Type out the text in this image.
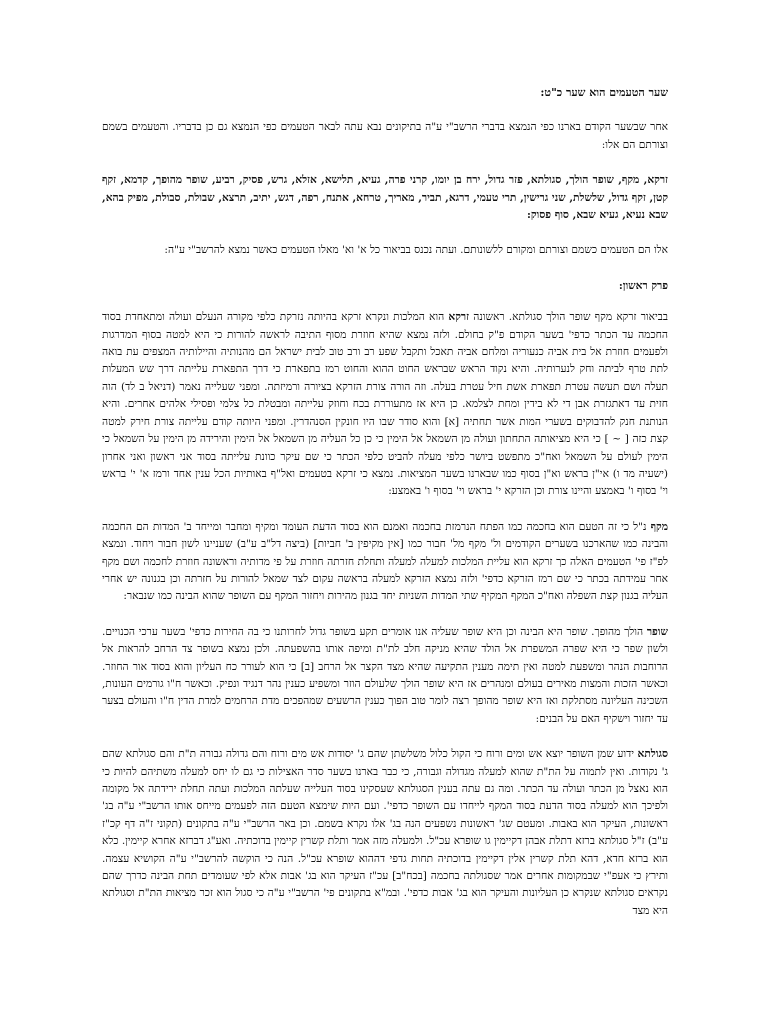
שער הטעמים הוא שער כ"ט:
אחר שבשער הקודם בארנו כפי הנמצא בדברי הרשב"י ע"ה בתיקונים נבא עתה לבאר הטעמים כפי הנמצא גם כן בדבריו. והטעמים בשמם וצורתם הם אלו:
זרקא, מקף, שופר הולך, סגולתא, פזר גדול, ירח בן יומו, קרני פרה, געיא, תלישא, אזלא, גרש, פסיק, רביע, שופר מהופך, קדמא, זקף קטן, זקף גדול, שלשלת, שני גרישין, תרי טעמי, דרגא, תביר, מאריך, טרחא, אתנח, רפה, דגש, יתיב, תרצא, שבולת, סבולת, מפיק בהא, שבא נעיא, געיא שבא, סוף פסוק:
אלו הם הטעמים כשמם וצורתם ומקורם ללשונותם. ועתה נכנס בביאור כל א' וא' מאלו הטעמים כאשר נמצא להרשב"י ע"ה:
פרק ראשון:
בביאור זרקא מקף שופר הולך סגולתא. ראשונה זרקא הוא המלכות ונקרא זרקא בהיותה נזרקת כלפי מקורה הנעלם ועולה ומתאחדת בסוד החכמה עד הכתר כדפי' בשער הקודם פ"ק בחולם. ולזה נמצא שהיא חוזרת מסוף התיבה לראשה להורות כי היא למטה בסוף המדרגות ולפעמים חוזרת אל בית אביה כנעוריה ומלחם אביה תאכל ותקבל שפע רב ורב טוב לבית ישראל הם מהנותיה והיילותיה המצפים עת בואה לתת טרף לביתה וחק לנערותיה. והיא נקוד הראש שבראש החוט ההוא והחוט רמז בתפארת כי דרך התפארת עלייתה דרך שש המעלות תעלה ושם תעשה עטרת תפארת אשת חיל עטרת בעלה. וזה הורה צורת הזרקא בציורה ורמיזתה. ומפני שעלייה נאמר (דניאל ב לד) הוה חזית עד דאתגזרת אבן די לא בידין ומחת לצלמא. כן היא אז מתעוררת בכח וחוזק עלייתה ומבטלת כל צלמי ופסילי אלהים אחרים. והיא הנותנת חנק להדבוקים בשערי המות אשר תחתיה [א] והוא סודר שבו היו חונקין הסנהדרין. ומפני היותה קודם עלייתה צורת חירק למטה קצת כזה [ ~ ] כי היא מציאותה התחתון ועולה מן השמאל אל הימין כי כן כל העליה מן השמאל אל הימין והירידה מן הימין על השמאל כי הימין לעולם על השמאל ואח"כ מתפשט ביושר כלפי מעלה להביט כלפי הכתר כי שם עיקר כוונת עלייתה בסוד אני ראשון ואני אחרון (ישעיה מד ו) אי"ן בראש וא"ן בסוף כמו שבארנו בשער המציאות. נמצא כי זרקא בטעמים ואל"ף באותיות הכל ענין אחד ורמז א' י' בראש וי' בסוף ו' באמצע והיינו צורת וכן הזרקא י' בראש וי' בסוף ו' באמצע:
מקף נ"ל כי זה הטעם הוא בחכמה כמו הפתח הנרמזת בחכמה ואמנם הוא בסוד הדעת העומד ומקיף ומחבר ומייחד ב' המדות הם החכמה והבינה כמו שהארכנו בשערים הקודמים ול' מקף מל' חבור כמו [אין מקיפין ב' חביות] (ביצה דל"ב ע"ב) שעניינו לשון חבור ויחוד. ונמצא לפ"ז פי' הטעמים האלה כך זרקא הוא עליית המלכות למעלה למעלה ותחלת חזרתה חוזרת על פי מדותיה וראשונה חוזרת לחכמה ושם מקף אחר עמידתה בכתר כי שם רמז הזרקא כדפי' ולזה נמצא הזרקא למעלה בראשה עקום לצד שמאל להורות על חזרתה וכן בגנונה יש אחרי העליה בגנון קצת השפלה ואח"כ המקף המקיף שתי המדות השניות יחד בגנון מהירות ויחזור המקף עם השופר שהוא הבינה כמו שנבאר:
שופר הולך מהופך. שופר היא הבינה וכן היא שופר שעליה אנו אומרים תקע בשופר גדול לחרותנו כי בה החירות כדפי' בשער ערכי הכנויים. ולשון שפר כי היא שפרה המשפרת אל הולד שהיא מניקה חלב לת"ת ומיפה אותו בהשפעתה. ולכן נמצא בשופר צד הרחב להראות אל הרוחבות הנהר ומשפעת למטה ואין תימה מענין התקיעה שהיא מצד הקצר אל הרחב [ב] כי הוא לעורר כח העליון והוא בסוד אור החוזר. וכאשר הזכות והמצות מאירים בעולם ומנהרים אז היא שופר הולך שלעולם הוזר ומשפיע כענין נהר דנגיד ונפיק. וכאשר ח"ו גורמים העונות, השכינה העליונה מסתלקת ואז היא שופר מהופך רצה לומר טוב הפוך כענין הרשעים שמהפכים מדת הרחמים למדת הדין ח"ו והעולם בצער עד יחזור וישקיף האם על הבנים:
סגולתא ידוע שמן השופר יוצא אש ומים ורוח כי הקול כלול משלשתן שהם ג' יסודות אש מים ורוח והם גדולה גבורה ת"ת והם סגולתא שהם ג' נקודות. ואין לתמוה על הת"ת שהוא למעלה מגדולה וגבורה, כי כבר בארנו בשער סדר האצילות כי גם לו יחס למעלה משתיהם להיות כי הוא נאצל מן הכתר ועולה עד הכתר. ומה גם עתה בענין הסגולתא שעסקינו בסוד העלייה שעלתה המלכות ועתה תחלת ירידתה אל מקומה ולפיכך הוא למעלה בסוד הדעת בסוד המקף לייחדו עם השופר כדפי'. ועם היות שימצא הטעם הזה לפעמים מייחס אותו הרשב"י ע"ה בג' ראשונות, העיקר הוא באבות. ומעטם שג' ראשונות נשפעים הנה בג' אלו נקרא בשמם. וכן באר הרשב"י ע"ה בתקונים (תקוני ז"ה דף קכ"ז ע"ב) ז"ל סגולתא ברזא דתלת אבהן דקיימין גו שופרא עכ"ל. ולמעלה מזה אמר ותלת קשרין קיימין בדוכתיה. ואע"ג דברזא אחרא קיימין. כלא הוא ברזא חדא, דהא תלת קשרין אלין דקיימין בדוכתיה תחות גדפי דההוא שופרא עכ"ל. הנה כי הוקשה להרשב"י ע"ה הקושיא עצמה. ותירץ כי אעפ"י שבמקומות אחרים אמר שסגולתה בחכמה [בכח"ב] עכ"ז העיקר הוא בג' אבות אלא לפי שעומדים תחת הבינה כדרך שהם נקראים סגולתא שנקרא כן העליונות והעיקר הוא בג' אבות כדפי'. ובמ"א בתקונים פי' הרשב"י ע"ה כי סגול הוא זכר מציאות הת"ת וסגולתא היא מצד
